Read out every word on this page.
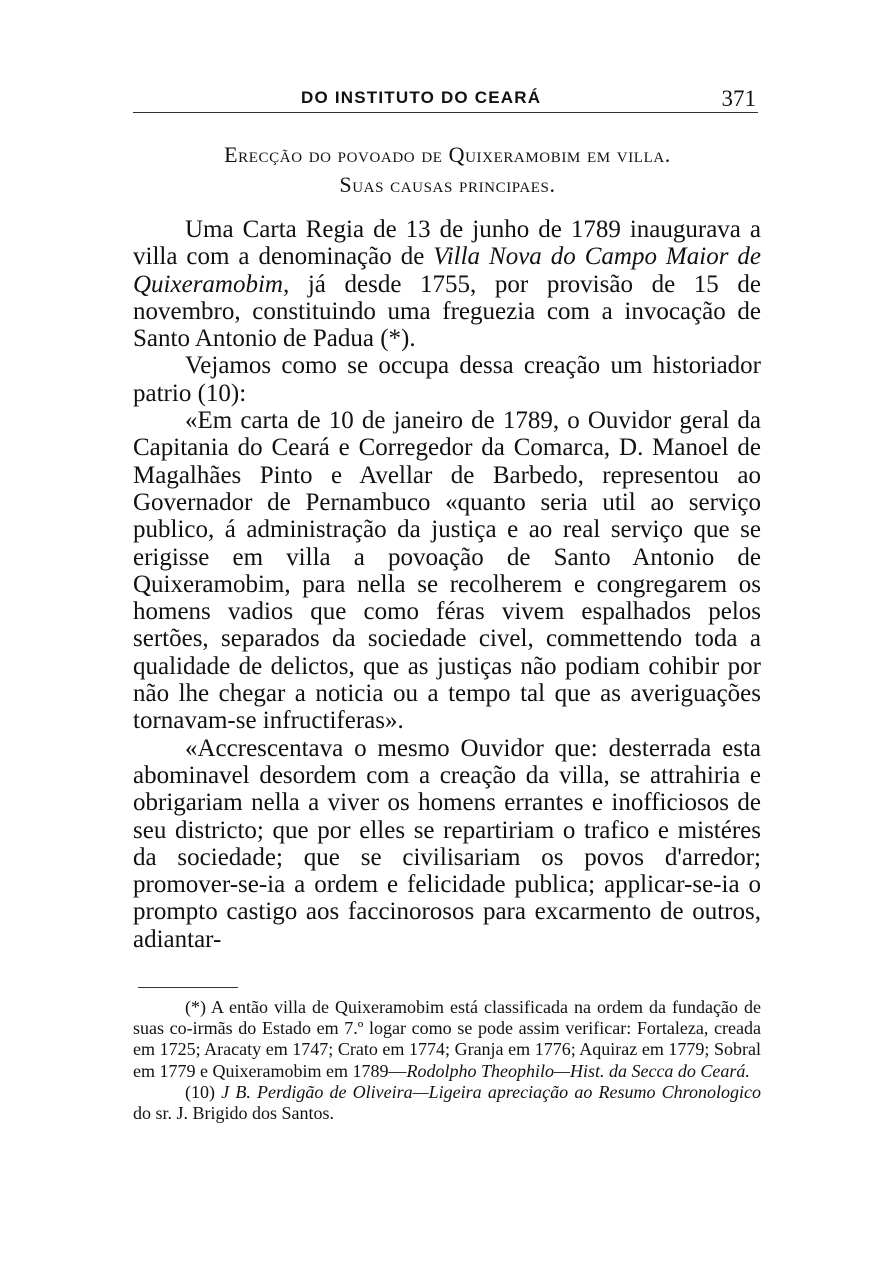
DO INSTITUTO DO CEARÁ	371
Erecção do povoado de Quixeramobim em villa.
Suas causas principaes.

Uma Carta Regia de 13 de junho de 1789 inaugurava a villa com a denominação de Villa Nova do Campo Maior de Quixeramobim, já desde 1755, por provisão de 15 de novembro, constituindo uma freguezia com a invocação de Santo Antonio de Padua (*).

Vejamos como se occupa dessa creação um historiador patrio (10):

«Em carta de 10 de janeiro de 1789, o Ouvidor geral da Capitania do Ceará e Corregedor da Comarca, D. Manoel de Magalhães Pinto e Avellar de Barbedo, representou ao Governador de Pernambuco «quanto seria util ao serviço publico, á administração da justiça e ao real serviço que se erigisse em villa a povoação de Santo Antonio de Quixeramobim, para nella se recolherem e congregarem os homens vadios que como féras vivem espalhados pelos sertões, separados da sociedade civel, commettendo toda a qualidade de delictos, que as justiças não podiam cohibir por não lhe chegar a noticia ou a tempo tal que as averiguações tornavam-se infructiferas».

«Accrescentava o mesmo Ouvidor que: desterrada esta abominavel desordem com a creação da villa, se attrahiria e obrigariam nella a viver os homens errantes e inofficiosos de seu districto; que por elles se repartiriam o trafico e mistéres da sociedade; que se civilisariam os povos d'arredor; promover-se-ia a ordem e felicidade publica; applicar-se-ia o prompto castigo aos faccinorosos para excarmento de outros, adiantar-

(*) A então villa de Quixeramobim está classificada na ordem da fundação de suas co-irmãs do Estado em 7.º logar como se pode assim verificar: Fortaleza, creada em 1725; Aracaty em 1747; Crato em 1774; Granja em 1776; Aquiraz em 1779; Sobral em 1779 e Quixeramobim em 1789—Rodolpho Theophilo—Hist. da Secca do Ceará.

(10) J B. Perdigão de Oliveira—Ligeira apreciação ao Resumo Chronologico do sr. J. Brigido dos Santos.
